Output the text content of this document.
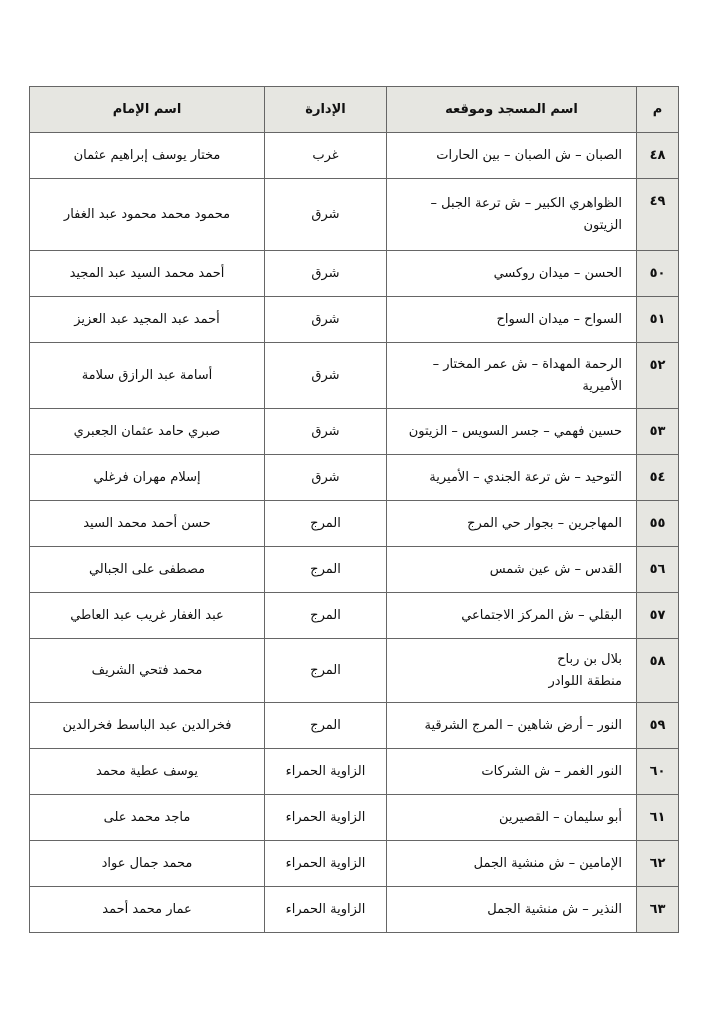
م	اسم المسجد وموقعه	الإدارة	اسم الإمام
٤٨	الصبان – ش الصبان – بين الحارات	غرب	مختار يوسف إبراهيم عثمان
٤٩	الظواهري الكبير – ش ترعة الجبل –
الزيتون	شرق	محمود محمد محمود عبد الغفار
٥٠	الحسن – ميدان روكسي	شرق	أحمد محمد السيد عبد المجيد
٥١	السواح – ميدان السواح	شرق	أحمد عبد المجيد عبد العزيز
٥٢	الرحمة المهداة – ش عمر المختار –
الأميرية	شرق	أسامة عبد الرازق سلامة
٥٣	حسين فهمي – جسر السويس – الزيتون	شرق	صبري حامد عثمان الجعبري
٥٤	التوحيد – ش ترعة الجندي – الأميرية	شرق	إسلام مهران فرغلي
٥٥	المهاجرين – بجوار حي المرج	المرج	حسن أحمد محمد السيد
٥٦	القدس – ش عين شمس	المرج	مصطفى على الجبالي
٥٧	البقلي – ش المركز الاجتماعي	المرج	عبد الغفار غريب عبد العاطي
٥٨	بلال بن رباح
منطقة اللوادر	المرج	محمد فتحي الشريف
٥٩	النور – أرض شاهين – المرج الشرقية	المرج	فخرالدين عبد الباسط فخرالدين
٦٠	النور الغمر – ش الشركات	الزاوية الحمراء	يوسف عطية محمد
٦١	أبو سليمان – القصيرين	الزاوية الحمراء	ماجد محمد على
٦٢	الإمامين – ش منشية الجمل	الزاوية الحمراء	محمد جمال عواد
٦٣	النذير – ش منشية الجمل	الزاوية الحمراء	عمار محمد أحمد
